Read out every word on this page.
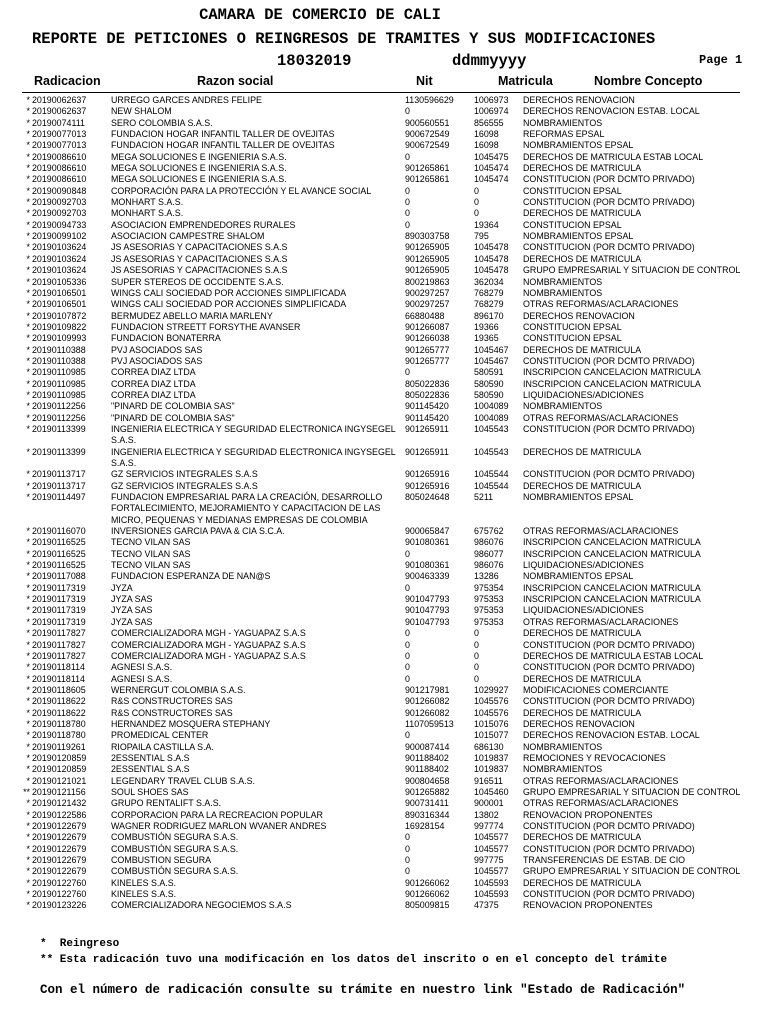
CAMARA DE COMERCIO DE CALI
REPORTE DE PETICIONES O REINGRESOS DE TRAMITES Y SUS MODIFICACIONES
18032019	ddmmyyyy	Page 1
Radicacion	Razon social	Nit	Matricula	Nombre Concepto
* 20190062637	URREGO GARCES ANDRES FELIPE	1130596629 1006973 DERECHOS RENOVACION
* 20190062637	NEW SHALOM	0	1006974 DERECHOS RENOVACION ESTAB. LOCAL
* 20190074111	SERO COLOMBIA S.A.S.	900560551	856555 NOMBRAMIENTOS
* 20190077013	FUNDACION HOGAR INFANTIL TALLER DE OVEJITAS	900672549	16098	REFORMAS EPSAL
* 20190077013	FUNDACION HOGAR INFANTIL TALLER DE OVEJITAS	900672549	16098	NOMBRAMIENTOS EPSAL
* 20190086610	MEGA SOLUCIONES E INGENIERIA S.A.S.	0	1045475 DERECHOS DE MATRICULA ESTAB LOCAL
* 20190086610	MEGA SOLUCIONES E INGENIERIA S.A.S.	901265861	1045474 DERECHOS DE MATRICULA
* 20190086610	MEGA SOLUCIONES E INGENIERIA S.A.S.	901265861	1045474 CONSTITUCION (POR DCMTO PRIVADO)
* 20190090848	CORPORACIÓN PARA LA PROTECCIÓN Y EL AVANCE SOCIAL	0	0	CONSTITUCION EPSAL
* 20190092703	MONHART S.A.S.	0	0	CONSTITUCION (POR DCMTO PRIVADO)
* 20190092703	MONHART S.A.S.	0	0	DERECHOS DE MATRICULA
* 20190094733	ASOCIACION EMPRENDEDORES RURALES	0	19364	CONSTITUCION EPSAL
* 20190099102	ASOCIACION CAMPESTRE SHALOM	890303758	795	NOMBRAMIENTOS EPSAL
* 20190103624	JS ASESORIAS Y CAPACITACIONES S.A.S	901265905	1045478 CONSTITUCION (POR DCMTO PRIVADO)
* 20190103624	JS ASESORIAS Y CAPACITACIONES S.A.S	901265905	1045478 DERECHOS DE MATRICULA
* 20190103624	JS ASESORIAS Y CAPACITACIONES S.A.S	901265905	1045478 GRUPO EMPRESARIAL Y SITUACION DE CONTROL
* 20190105336	SUPER STEREOS DE OCCIDENTE S.A.S.	800219863	362034 NOMBRAMIENTOS
* 20190106501	WINGS CALI SOCIEDAD POR ACCIONES SIMPLIFICADA	900297257	768279 NOMBRAMIENTOS
* 20190106501	WINGS CALI SOCIEDAD POR ACCIONES SIMPLIFICADA	900297257	768279 OTRAS REFORMAS/ACLARACIONES
* 20190107872	BERMUDEZ ABELLO MARIA MARLENY	66880488	896170 DERECHOS RENOVACION
* 20190109822	FUNDACION STREETT FORSYTHE AVANSER	901266087	19366	CONSTITUCION EPSAL
* 20190109993	FUNDACION BONATERRA	901266038	19365	CONSTITUCION EPSAL
* 20190110388	PVJ ASOCIADOS SAS	901265777	1045467 DERECHOS DE MATRICULA
* 20190110388	PVJ ASOCIADOS SAS	901265777	1045467 CONSTITUCION (POR DCMTO PRIVADO)
* 20190110985	CORREA DIAZ LTDA	0	580591 INSCRIPCION CANCELACION MATRICULA
* 20190110985	CORREA DIAZ LTDA	805022836	580590 INSCRIPCION CANCELACION MATRICULA
* 20190110985	CORREA DIAZ LTDA	805022836	580590 LIQUIDACIONES/ADICIONES
* 20190112256	"PINARD DE COLOMBIA SAS"	901145420	1004089 NOMBRAMIENTOS
* 20190112256	"PINARD DE COLOMBIA SAS"	901145420	1004089 OTRAS REFORMAS/ACLARACIONES
* 20190113399	INGENIERIA ELECTRICA Y SEGURIDAD ELECTRONICA INGYSEGEL S.A.S.
901265911	1045543 CONSTITUCION (POR DCMTO PRIVADO)
* 20190113399	INGENIERIA ELECTRICA Y SEGURIDAD ELECTRONICA INGYSEGEL S.A.S.
901265911	1045543 DERECHOS DE MATRICULA
* 20190113717	GZ SERVICIOS INTEGRALES S.A.S	901265916	1045544 CONSTITUCION (POR DCMTO PRIVADO)
* 20190113717	GZ SERVICIOS INTEGRALES S.A.S	901265916	1045544 DERECHOS DE MATRICULA
* 20190114497	FUNDACION EMPRESARIAL PARA LA CREACIÓN, DESARROLLO FORTALECIMIENTO, MEJORAMIENTO Y CAPACITACION DE LAS MICRO, PEQUENAS Y MEDIANAS EMPRESAS DE COLOMBIA
805024648	5211	NOMBRAMIENTOS EPSAL
* 20190116070	INVERSIONES GARCIA PAVA & CIA S.C.A.	900065847	675762 OTRAS REFORMAS/ACLARACIONES
* 20190116525	TECNO VILAN SAS	901080361	986076 INSCRIPCION CANCELACION MATRICULA
* 20190116525	TECNO VILAN SAS	0	986077 INSCRIPCION CANCELACION MATRICULA
* 20190116525	TECNO VILAN SAS	901080361	986076 LIQUIDACIONES/ADICIONES
* 20190117088	FUNDACION ESPERANZA DE NAN@S	900463339	13286	NOMBRAMIENTOS EPSAL
* 20190117319	JYZA	0	975354 INSCRIPCION CANCELACION MATRICULA
* 20190117319	JYZA SAS	901047793	975353 INSCRIPCION CANCELACION MATRICULA
* 20190117319	JYZA SAS	901047793	975353 LIQUIDACIONES/ADICIONES
* 20190117319	JYZA SAS	901047793	975353 OTRAS REFORMAS/ACLARACIONES
* 20190117827	COMERCIALIZADORA MGH - YAGUAPAZ S.A.S	0	0	DERECHOS DE MATRICULA
* 20190117827	COMERCIALIZADORA MGH - YAGUAPAZ S.A.S	0	0	CONSTITUCION (POR DCMTO PRIVADO)
* 20190117827	COMERCIALIZADORA MGH - YAGUAPAZ S.A.S	0	0	DERECHOS DE MATRICULA ESTAB LOCAL
* 20190118114	AGNESI S.A.S.	0	0	CONSTITUCION (POR DCMTO PRIVADO)
* 20190118114	AGNESI S.A.S.	0	0	DERECHOS DE MATRICULA
* 20190118605	WERNERGUT COLOMBIA S.A.S.	901217981	1029927 MODIFICACIONES COMERCIANTE
* 20190118622	R&S CONSTRUCTORES SAS	901266082	1045576 CONSTITUCION (POR DCMTO PRIVADO)
* 20190118622	R&S CONSTRUCTORES SAS	901266082	1045576 DERECHOS DE MATRICULA
* 20190118780	HERNANDEZ MOSQUERA STEPHANY	1107059513 1015076 DERECHOS RENOVACION
* 20190118780	PROMEDICAL CENTER	0	1015077 DERECHOS RENOVACION ESTAB. LOCAL
* 20190119261	RIOPAILA CASTILLA S.A.	900087414	686130 NOMBRAMIENTOS
* 20190120859	2ESSENTIAL S.A.S	901188402	1019837 REMOCIONES Y REVOCACIONES
* 20190120859	2ESSENTIAL S.A.S	901188402	1019837 NOMBRAMIENTOS
* 20190121021	LEGENDARY TRAVEL CLUB S.A.S.	900804658	916511 OTRAS REFORMAS/ACLARACIONES
** 20190121156	SOUL SHOES SAS	901265882	1045460 GRUPO EMPRESARIAL Y SITUACION DE CONTROL
* 20190121432	GRUPO RENTALIFT S.A.S.	900731411	900001 OTRAS REFORMAS/ACLARACIONES
* 20190122586	CORPORACION PARA LA RECREACION POPULAR	890316344	13802	RENOVACION PROPONENTES
* 20190122679	WAGNER RODRIGUEZ MARLON WVANER ANDRES	16928154	997774 CONSTITUCION (POR DCMTO PRIVADO)
* 20190122679	COMBUSTIÓN SEGURA S.A.S.	0	1045577 DERECHOS DE MATRICULA
* 20190122679	COMBUSTIÓN SEGURA S.A.S.	0	1045577 CONSTITUCION (POR DCMTO PRIVADO)
* 20190122679	COMBUSTION SEGURA	0	997775 TRANSFERENCIAS DE ESTAB. DE CIO
* 20190122679	COMBUSTIÓN SEGURA S.A.S.	0	1045577 GRUPO EMPRESARIAL Y SITUACION DE CONTROL
* 20190122760	KINELES S.A.S.	901266062	1045593 DERECHOS DE MATRICULA
* 20190122760	KINELES S.A.S.	901266062	1045593 CONSTITUCION (POR DCMTO PRIVADO)
* 20190123226	COMERCIALIZADORA NEGOCIEMOS S.A.S	805009815	47375	RENOVACION PROPONENTES
*  Reingreso
** Esta radicación tuvo una modificación en los datos del inscrito o en el concepto del trámite
Con el número de radicación consulte su trámite en nuestro link "Estado de Radicación"
